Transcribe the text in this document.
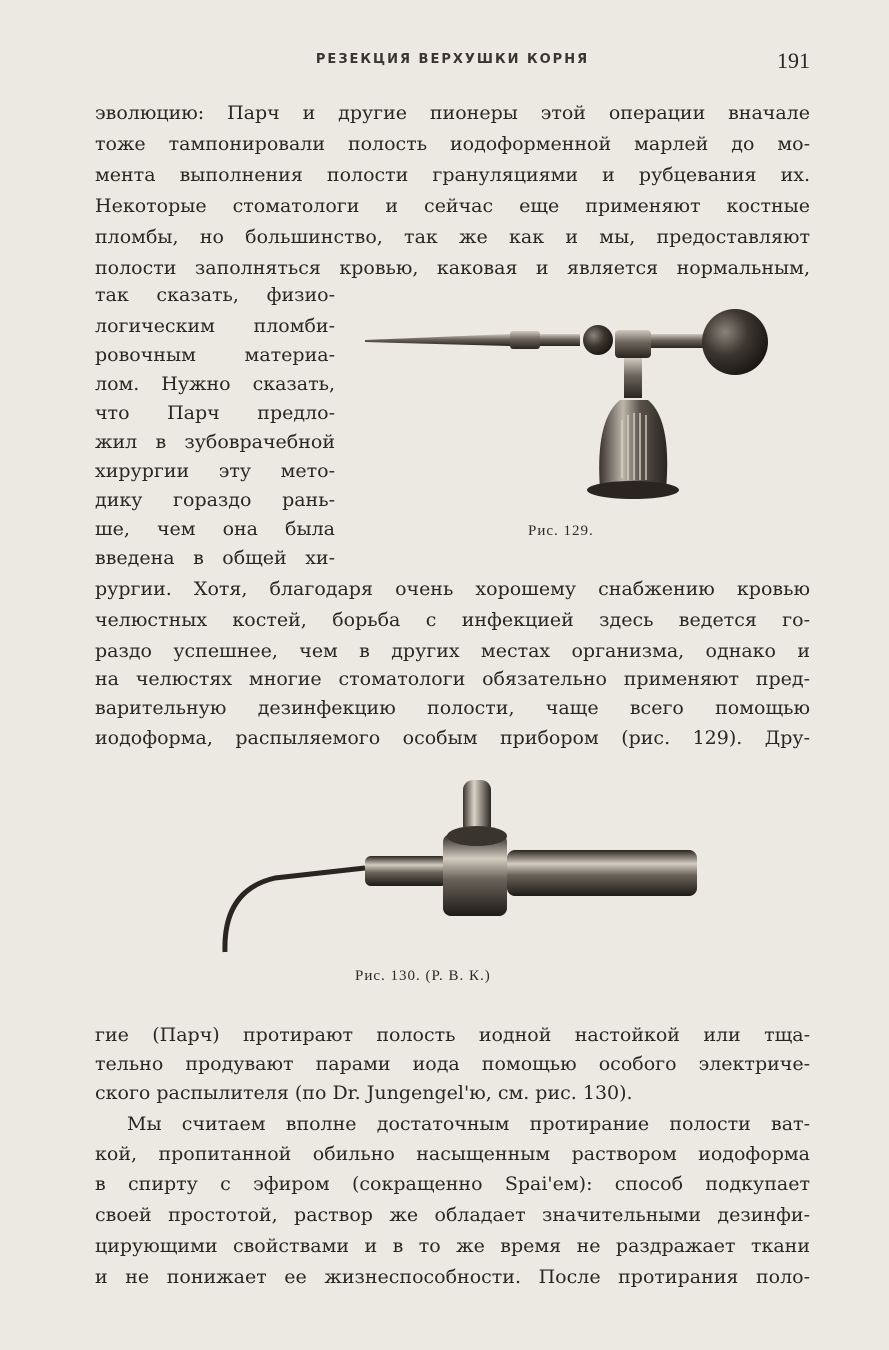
РЕЗЕКЦИЯ ВЕРХУШКИ КОРНЯ	191
эволюцию: Парч и другие пионеры этой операции вначале
тоже тампонировали полость иодоформенной марлей до мо-
мента выполнения полости грануляциями и рубцевания их.
Некоторые стоматологи и сейчас еще применяют костные
пломбы, но большинство, так же как и мы, предоставляют
полости заполняться кровью, каковая и является нормальным,
так сказать, физио-
логическим пломби-
ровочным материа-
лом. Нужно сказать,
что Парч предло-
жил в зубоврачебной
хирургии эту мето-
дику гораздо рань-
ше, чем она была
введена в общей хи-
Рис. 129.
рургии. Хотя, благодаря очень хорошему снабжению кровью
челюстных костей, борьба с инфекцией здесь ведется го-
раздо успешнее, чем в других местах организма, однако и
на челюстях многие стоматологи обязательно применяют пред-
варительную дезинфекцию полости, чаще всего помощью
иодоформа, распыляемого особым прибором (рис. 129). Дру-
Рис. 130. (Р. В. К.)
гие (Парч) протирают полость иодной настойкой или тща-
тельно продувают парами иода помощью особого электриче-
ского распылителя (по Dr. Jungengel'ю, см. рис. 130).
Мы считаем вполне достаточным протирание полости ват-
кой, пропитанной обильно насыщенным раствором иодоформа
в спирту с эфиром (сокращенно Spai'ем): способ подкупает
своей простотой, раствор же обладает значительными дезинфи-
цирующими свойствами и в то же время не раздражает ткани
и не понижает ее жизнеспособности. После протирания поло-
